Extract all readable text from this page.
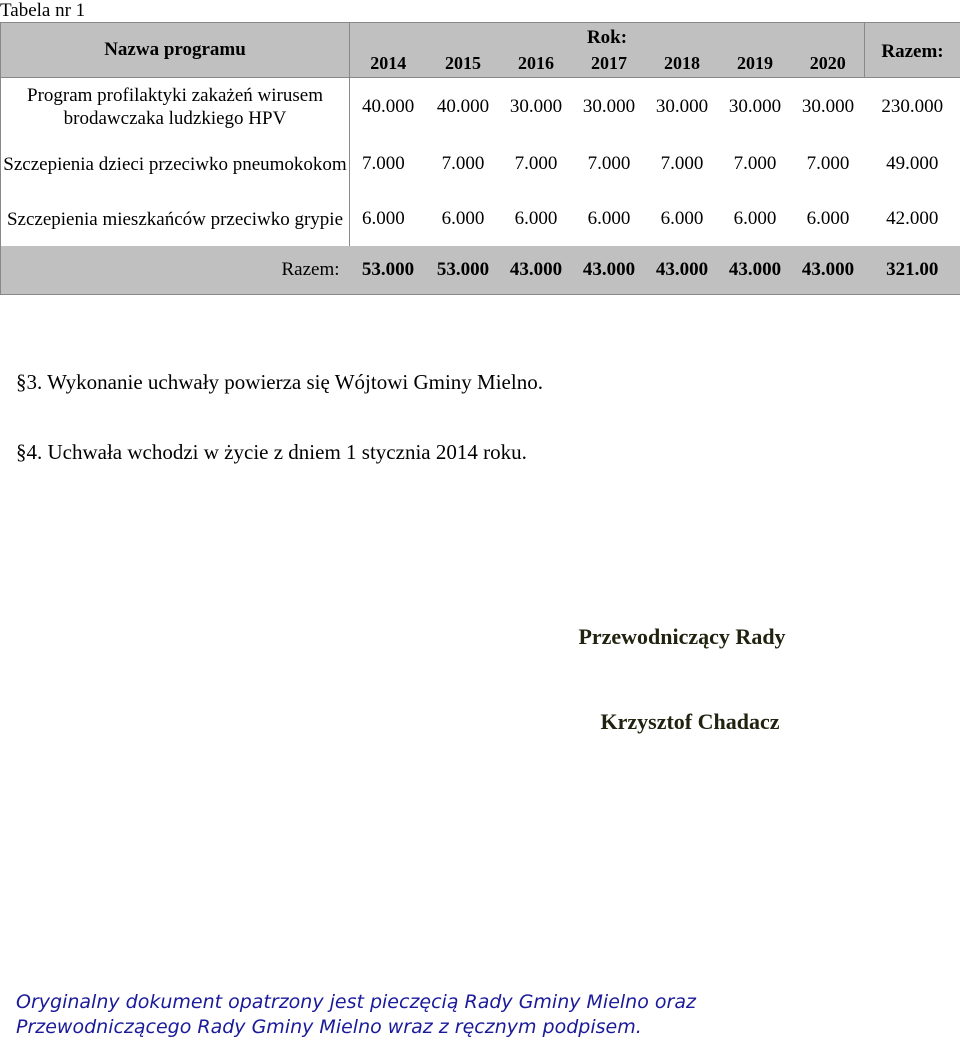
Tabela nr 1
Nazwa programu	Rok:							Razem:
	2014	2015	2016	2017	2018	2019	2020	
Program profilaktyki zakażeń wirusem brodawczaka ludzkiego HPV	40.000	40.000	30.000	30.000	30.000	30.000	30.000	230.000
Szczepienia dzieci przeciwko pneumokokom	7.000	7.000	7.000	7.000	7.000	7.000	7.000	49.000
Szczepienia mieszkańców przeciwko grypie	6.000	6.000	6.000	6.000	6.000	6.000	6.000	42.000
Razem:	53.000	53.000	43.000	43.000	43.000	43.000	43.000	321.00
§3. Wykonanie uchwały powierza się Wójtowi Gminy Mielno.
§4. Uchwała wchodzi w życie z dniem 1 stycznia 2014 roku.
Przewodniczący Rady
Krzysztof Chadacz
Oryginalny dokument opatrzony jest pieczęcią Rady Gminy Mielno oraz
Przewodniczącego Rady Gminy Mielno wraz z ręcznym podpisem.
